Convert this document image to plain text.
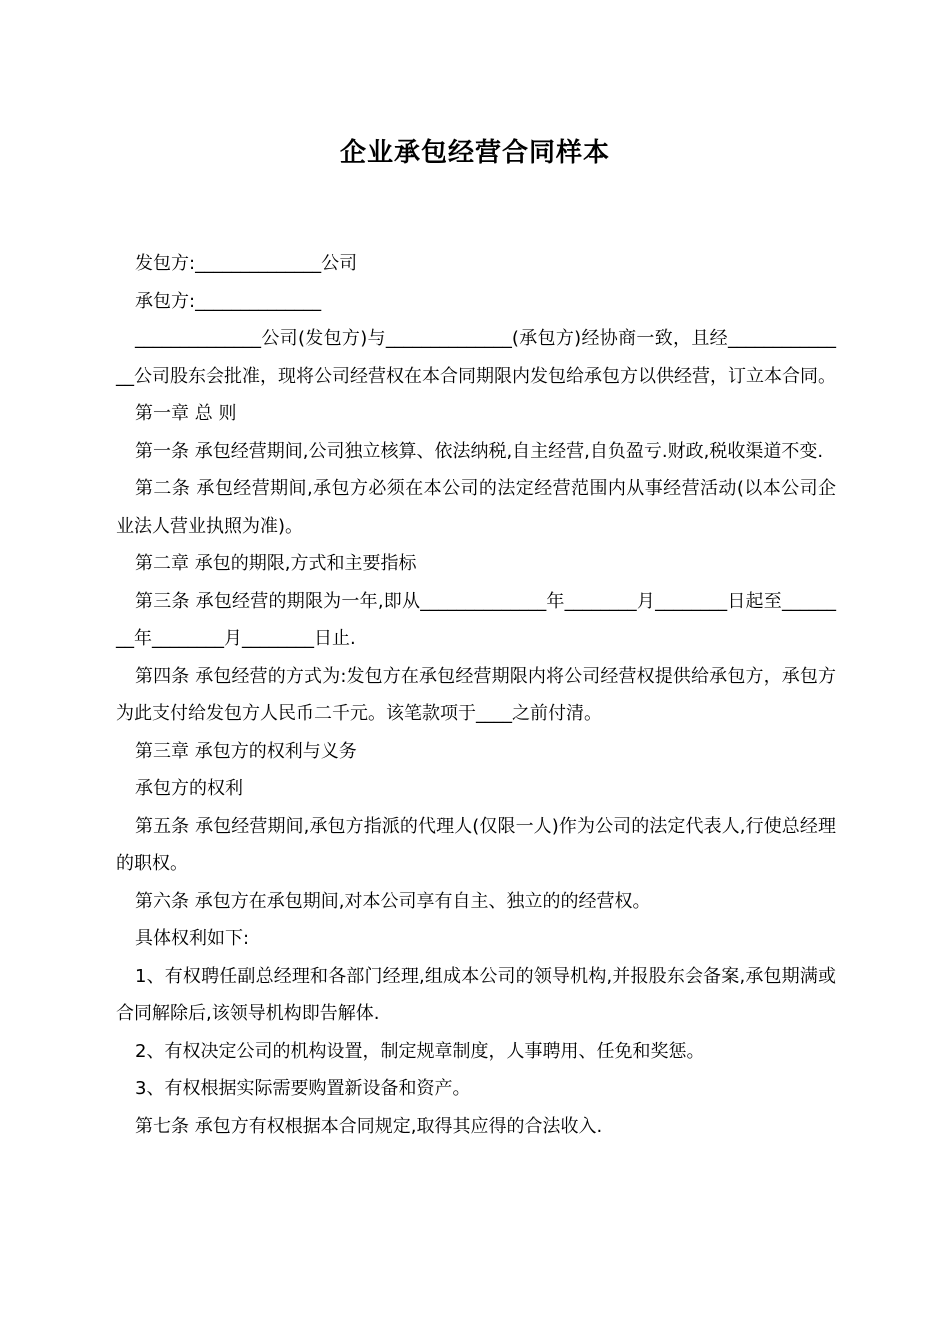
企业承包经营合同样本

发包方:______________公司

承包方:______________

______________公司(发包方)与______________(承包方)经协商一致，且经______________公司股东会批准，现将公司经营权在本合同期限内发包给承包方以供经营，订立本合同。

第一章 总 则

第一条 承包经营期间,公司独立核算、依法纳税,自主经营,自负盈亏.财政,税收渠道不变.

第二条 承包经营期间,承包方必须在本公司的法定经营范围内从事经营活动(以本公司企业法人营业执照为准)。

第二章 承包的期限,方式和主要指标

第三条 承包经营的期限为一年,即从______________年________月________日起至________年________月________日止.

第四条 承包经营的方式为:发包方在承包经营期限内将公司经营权提供给承包方，承包方为此支付给发包方人民币二千元。该笔款项于____之前付清。

第三章 承包方的权利与义务

承包方的权利

第五条 承包经营期间,承包方指派的代理人(仅限一人)作为公司的法定代表人,行使总经理的职权。

第六条 承包方在承包期间,对本公司享有自主、独立的的经营权。

具体权利如下:

1、有权聘任副总经理和各部门经理,组成本公司的领导机构,并报股东会备案,承包期满或合同解除后,该领导机构即告解体.

2、有权决定公司的机构设置，制定规章制度，人事聘用、任免和奖惩。

3、有权根据实际需要购置新设备和资产。

第七条 承包方有权根据本合同规定,取得其应得的合法收入.
